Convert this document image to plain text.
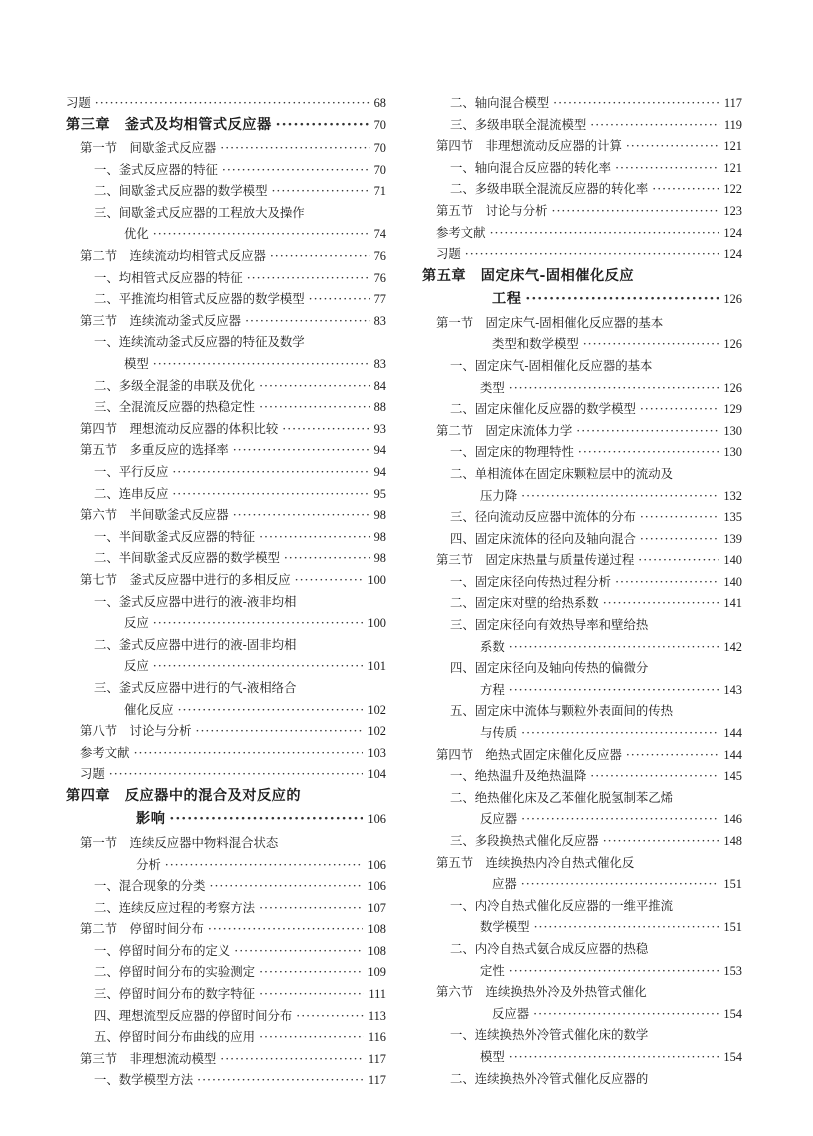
习题 ·····	68
第三章　釜式及均相管式反应器 ·····	70
第一节　间歇釜式反应器 ·····	70
一、釜式反应器的特征 ·····	70
二、间歇釜式反应器的数学模型 ·····	71
三、间歇釜式反应器的工程放大及操作
优化 ·····	74
第二节　连续流动均相管式反应器 ·····	76
一、均相管式反应器的特征 ·····	76
二、平推流均相管式反应器的数学模型 ·····	77
第三节　连续流动釜式反应器 ·····	83
一、连续流动釜式反应器的特征及数学
模型 ·····	83
二、多级全混釜的串联及优化 ·····	84
三、全混流反应器的热稳定性 ·····	88
第四节　理想流动反应器的体积比较 ·····	93
第五节　多重反应的选择率 ·····	94
一、平行反应 ·····	94
二、连串反应 ·····	95
第六节　半间歇釜式反应器 ·····	98
一、半间歇釜式反应器的特征 ·····	98
二、半间歇釜式反应器的数学模型 ·····	98
第七节　釜式反应器中进行的多相反应 ·····	100
一、釜式反应器中进行的液-液非均相
反应 ·····	100
二、釜式反应器中进行的液-固非均相
反应 ·····	101
三、釜式反应器中进行的气-液相络合
催化反应 ·····	102
第八节　讨论与分析 ·····	102
参考文献 ·····	103
习题 ·····	104
第四章　反应器中的混合及对反应的
影响 ·····	106
第一节　连续反应器中物料混合状态
分析 ·····	106
一、混合现象的分类 ·····	106
二、连续反应过程的考察方法 ·····	107
第二节　停留时间分布 ·····	108
一、停留时间分布的定义 ·····	108
二、停留时间分布的实验测定 ·····	109
三、停留时间分布的数字特征 ·····	111
四、理想流型反应器的停留时间分布 ·····	113
五、停留时间分布曲线的应用 ·····	116
第三节　非理想流动模型 ·····	117
一、数学模型方法 ·····	117
二、轴向混合模型 ·····	117
三、多级串联全混流模型 ·····	119
第四节　非理想流动反应器的计算 ·····	121
一、轴向混合反应器的转化率 ·····	121
二、多级串联全混流反应器的转化率 ·····	122
第五节　讨论与分析 ·····	123
参考文献 ·····	124
习题 ·····	124
第五章　固定床气-固相催化反应
工程 ·····	126
第一节　固定床气-固相催化反应器的基本
类型和数学模型 ·····	126
一、固定床气-固相催化反应器的基本
类型 ·····	126
二、固定床催化反应器的数学模型 ·····	129
第二节　固定床流体力学 ·····	130
一、固定床的物理特性 ·····	130
二、单相流体在固定床颗粒层中的流动及
压力降 ·····	132
三、径向流动反应器中流体的分布 ·····	135
四、固定床流体的径向及轴向混合 ·····	139
第三节　固定床热量与质量传递过程 ·····	140
一、固定床径向传热过程分析 ·····	140
二、固定床对壁的给热系数 ·····	141
三、固定床径向有效热导率和壁给热
系数 ·····	142
四、固定床径向及轴向传热的偏微分
方程 ·····	143
五、固定床中流体与颗粒外表面间的传热
与传质 ·····	144
第四节　绝热式固定床催化反应器 ·····	144
一、绝热温升及绝热温降 ·····	145
二、绝热催化床及乙苯催化脱氢制苯乙烯
反应器 ·····	146
三、多段换热式催化反应器 ·····	148
第五节　连续换热内冷自热式催化反
应器 ·····	151
一、内冷自热式催化反应器的一维平推流
数学模型 ·····	151
二、内冷自热式氨合成反应器的热稳
定性 ·····	153
第六节　连续换热外冷及外热管式催化
反应器 ·····	154
一、连续换热外冷管式催化床的数学
模型 ·····	154
二、连续换热外冷管式催化反应器的
